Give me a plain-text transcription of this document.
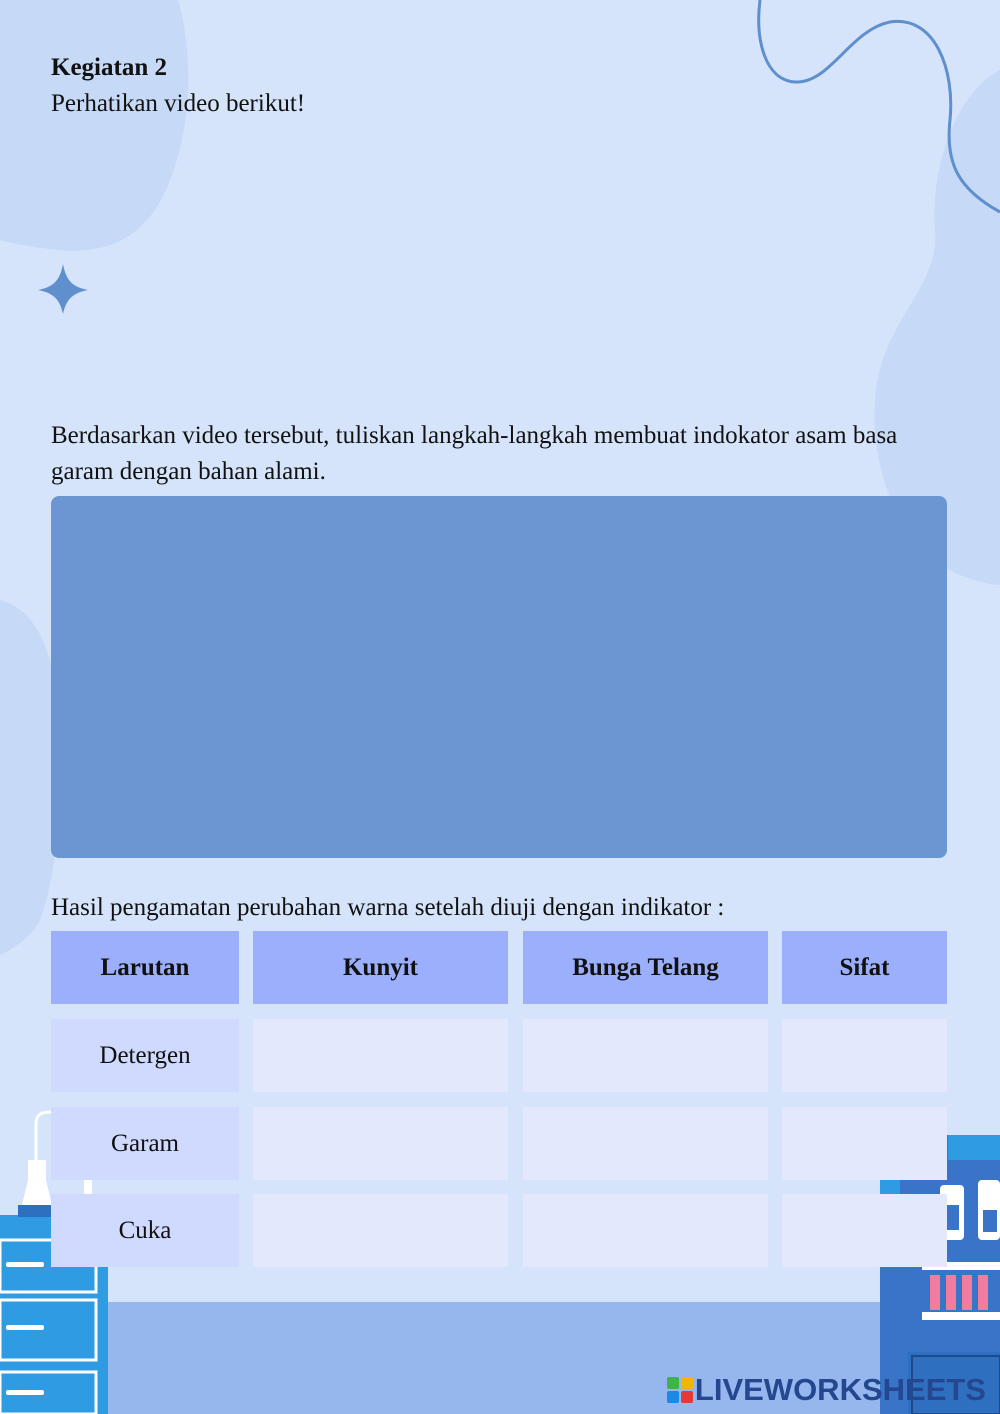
Kegiatan 2
Perhatikan video berikut!
Berdasarkan video tersebut, tuliskan langkah-langkah membuat indokator asam basa garam dengan bahan alami.
Hasil pengamatan perubahan warna setelah diuji dengan indikator :
Larutan	Kunyit	Bunga Telang	Sifat
Detergen
Garam
Cuka
LIVEWORKSHEETS
